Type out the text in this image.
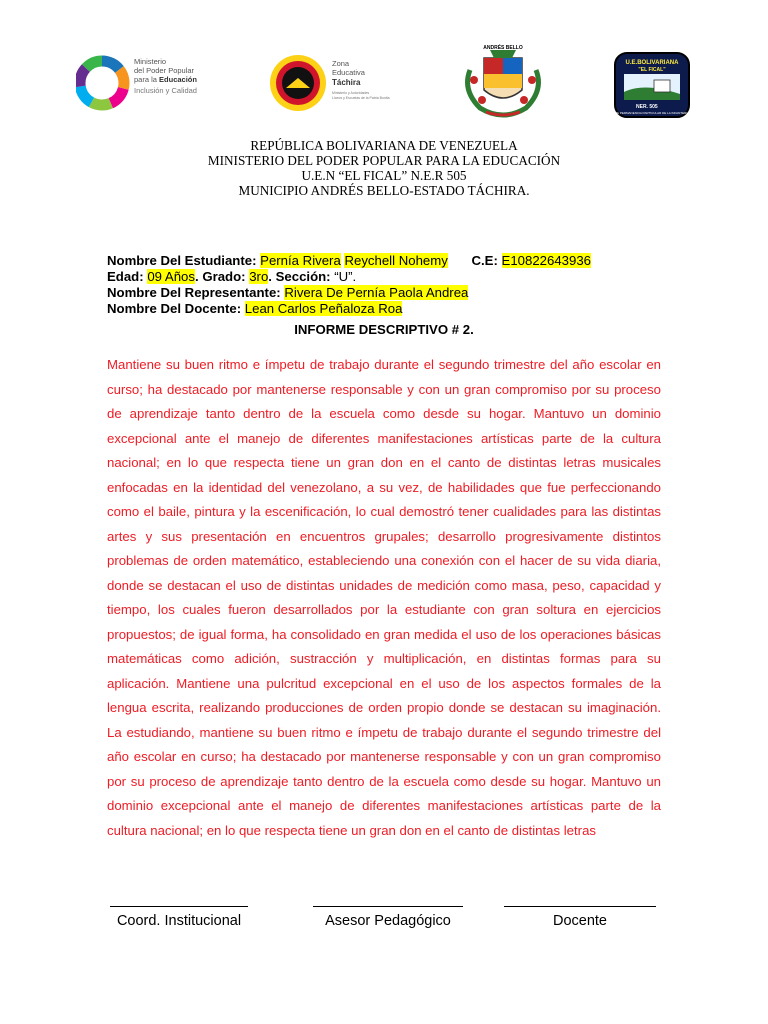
Ministerio
del Poder Popular
para la Educación
Inclusión y Calidad
Zona
Educativa
Táchira
Ministerio y Autoridades
Liceos y Escuelas de la Patria Bonita
ANDRÉS BELLO
U.E.BOLIVARIANA
"EL FICAL"
NER. 505
DE PERMANENCIA PARTICULAR DE LA INFANTERIA
REPÚBLICA BOLIVARIANA DE VENEZUELA
MINISTERIO DEL PODER POPULAR PARA LA EDUCACIÓN
U.E.N “EL FICAL” N.E.R 505
MUNICIPIO ANDRÉS BELLO-ESTADO TÁCHIRA.
Nombre Del Estudiante: Pernía Rivera Reychell Nohemy C.E: E10822643936
Edad: 09 Años. Grado: 3ro. Sección: “U”.
Nombre Del Representante: Rivera De Pernía Paola Andrea
Nombre Del Docente: Lean Carlos Peñaloza Roa
INFORME DESCRIPTIVO # 2.
Mantiene su buen ritmo e ímpetu de trabajo durante el segundo trimestre del año escolar en curso; ha destacado por mantenerse responsable y con un gran compromiso por su proceso de aprendizaje tanto dentro de la escuela como desde su hogar. Mantuvo un dominio excepcional ante el manejo de diferentes manifestaciones artísticas parte de la cultura nacional; en lo que respecta tiene un gran don en el canto de distintas letras musicales enfocadas en la identidad del venezolano, a su vez, de habilidades que fue perfeccionando como el baile, pintura y la escenificación, lo cual demostró tener cualidades para las distintas artes y sus presentación en encuentros grupales; desarrollo progresivamente distintos problemas de orden matemático, estableciendo una conexión con el hacer de su vida diaria, donde se destacan el uso de distintas unidades de medición como masa, peso, capacidad y tiempo, los cuales fueron desarrollados por la estudiante con gran soltura en ejercicios propuestos; de igual forma, ha consolidado en gran medida el uso de los operaciones básicas matemáticas como adición, sustracción y multiplicación, en distintas formas para su aplicación. Mantiene una pulcritud excepcional en el uso de los aspectos formales de la lengua escrita, realizando producciones de orden propio donde se destacan su imaginación. La estudiando, mantiene su buen ritmo e ímpetu de trabajo durante el segundo trimestre del año escolar en curso; ha destacado por mantenerse responsable y con un gran compromiso por su proceso de aprendizaje tanto dentro de la escuela como desde su hogar. Mantuvo un dominio excepcional ante el manejo de diferentes manifestaciones artísticas parte de la cultura nacional; en lo que respecta tiene un gran don en el canto de distintas letras
Coord. Institucional	Asesor Pedagógico	Docente
